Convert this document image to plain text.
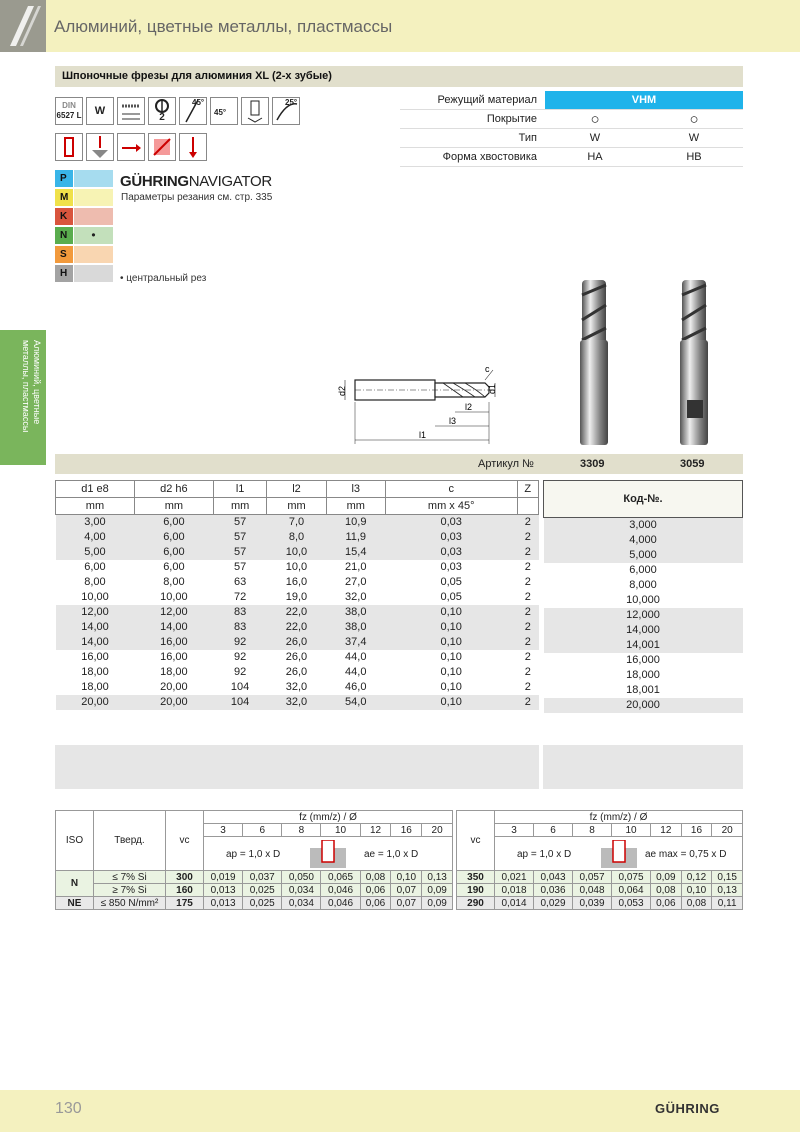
Алюминий, цветные металлы, пластмассы
Шпоночные фрезы для алюминия XL (2-х зубые)
DIN
6527 L	W
2
45°
45°
25°	Режущий материал	VHM
Покрытие	○	○
Тип	W	W
Форма хвостовика	HA	HB
P
M
K
N	•
S
H
GÜHRINGNAVIGATOR
Параметры резания см. стр. 335
• центральный рез
Алюминий, цветные металлы, пластмассы	d2	d1
c
l1
l2
l3
Артикул №	3309	3059
d1 e8	d2 h6	l1	l2	l3	c	Z
mm	mm	mm	mm	mm	mm x 45°	
3,00	6,00	57	7,0	10,9	0,03	2
4,00	6,00	57	8,0	11,9	0,03	2
5,00	6,00	57	10,0	15,4	0,03	2
6,00	6,00	57	10,0	21,0	0,03	2
8,00	8,00	63	16,0	27,0	0,05	2
10,00	10,00	72	19,0	32,0	0,05	2
12,00	12,00	83	22,0	38,0	0,10	2
14,00	14,00	83	22,0	38,0	0,10	2
14,00	16,00	92	26,0	37,4	0,10	2
16,00	16,00	92	26,0	44,0	0,10	2
18,00	18,00	92	26,0	44,0	0,10	2
18,00	20,00	104	32,0	46,0	0,10	2
20,00	20,00	104	32,0	54,0	0,10	2
Код-№.
3,000
4,000
5,000
6,000
8,000
10,000
12,000
14,000
14,001
16,000
18,000
18,001
20,000
ISO	Тверд.	vc	fz (mm/z) / Ø						
			3	6	8	10	12	16	20

			ap = 1,0 x D ae = 1,0 x D						

N	≤ 7% Si	300	0,019	0,037	0,050	0,065	0,08	0,10	0,13
	≥ 7% Si	160	0,013	0,025	0,034	0,046	0,06	0,07	0,09
NE	≤ 850 N/mm²	175	0,013	0,025	0,034	0,046	0,06	0,07	0,09
vc	fz (mm/z) / Ø						
	3	6	8	10	12	16	20

	ap = 1,0 x D ae max = 0,75 x D						

350	0,021	0,043	0,057	0,075	0,09	0,12	0,15
190	0,018	0,036	0,048	0,064	0,08	0,10	0,13
290	0,014	0,029	0,039	0,053	0,06	0,08	0,11
130	GÜHRING
